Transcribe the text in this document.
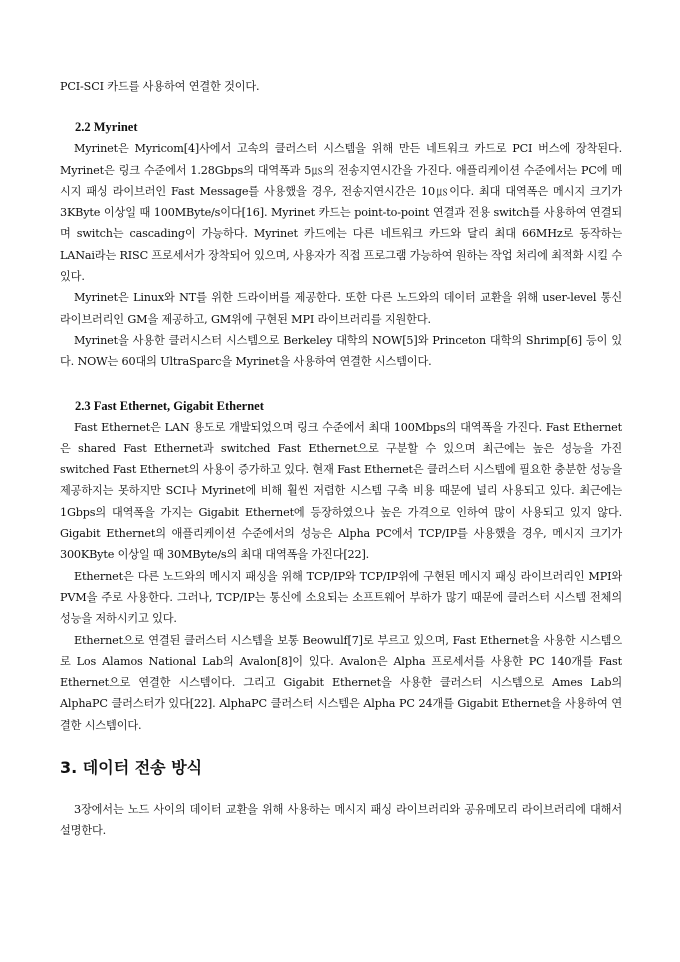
PCI-SCI 카드를 사용하여 연결한 것이다.

2.2 Myrinet

Myrinet은 Myricom[4]사에서 고속의 클러스터 시스템을 위해 만든 네트워크 카드로 PCI 버스에 장착된다. Myrinet은 링크 수준에서 1.28Gbps의 대역폭과 5㎲의 전송지연시간을 가진다. 애플리케이션 수준에서는 PC에 메시지 패싱 라이브러인 Fast Message를 사용했을 경우, 전송지연시간은 10㎲이다. 최대 대역폭은 메시지 크기가 3KByte 이상일 때 100MByte/s이다[16]. Myrinet 카드는 point-to-point 연결과 전용 switch를 사용하여 연결되며 switch는 cascading이 가능하다. Myrinet 카드에는 다른 네트워크 카드와 달리 최대 66MHz로 동작하는 LANai라는 RISC 프로세서가 장착되어 있으며, 사용자가 직접 프로그램 가능하여 원하는 작업 처리에 최적화 시킬 수 있다.

Myrinet은 Linux와 NT를 위한 드라이버를 제공한다. 또한 다른 노드와의 데이터 교환을 위해 user-level 통신 라이브러리인 GM을 제공하고, GM위에 구현된 MPI 라이브러리를 지원한다.

Myrinet을 사용한 클러시스터 시스템으로 Berkeley 대학의 NOW[5]와 Princeton 대학의 Shrimp[6] 등이 있다. NOW는 60대의 UltraSparc을 Myrinet을 사용하여 연결한 시스템이다.

2.3 Fast Ethernet, Gigabit Ethernet

Fast Ethernet은 LAN 용도로 개발되었으며 링크 수준에서 최대 100Mbps의 대역폭을 가진다. Fast Ethernet은 shared Fast Ethernet과 switched Fast Ethernet으로 구분할 수 있으며 최근에는 높은 성능을 가진 switched Fast Ethernet의 사용이 증가하고 있다. 현재 Fast Ethernet은 클러스터 시스템에 필요한 충분한 성능을 제공하지는 못하지만 SCI나 Myrinet에 비해 훨씬 저렴한 시스템 구축 비용 때문에 널리 사용되고 있다. 최근에는 1Gbps의 대역폭을 가지는 Gigabit Ethernet에 등장하였으나 높은 가격으로 인하여 많이 사용되고 있지 않다. Gigabit Ethernet의 애플리케이션 수준에서의 성능은 Alpha PC에서 TCP/IP를 사용했을 경우, 메시지 크기가 300KByte 이상일 때 30MByte/s의 최대 대역폭을 가진다[22].

Ethernet은 다른 노드와의 메시지 패싱을 위해 TCP/IP와 TCP/IP위에 구현된 메시지 패싱 라이브러리인 MPI와 PVM을 주로 사용한다. 그러나, TCP/IP는 통신에 소요되는 소프트웨어 부하가 많기 때문에 클러스터 시스템 전체의 성능을 저하시키고 있다.

Ethernet으로 연결된 클러스터 시스템을 보통 Beowulf[7]로 부르고 있으며, Fast Ethernet을 사용한 시스템으로 Los Alamos National Lab의 Avalon[8]이 있다. Avalon은 Alpha 프로세서를 사용한 PC 140개를 Fast Ethernet으로 연결한 시스템이다. 그리고 Gigabit Ethernet을 사용한 클러스터 시스템으로 Ames Lab의 AlphaPC 클러스터가 있다[22]. AlphaPC 클러스터 시스템은 Alpha PC 24개를 Gigabit Ethernet을 사용하여 연결한 시스템이다.

3. 데이터 전송 방식

3장에서는 노드 사이의 데이터 교환을 위해 사용하는 메시지 패싱 라이브러리와 공유메모리 라이브러리에 대해서 설명한다.
